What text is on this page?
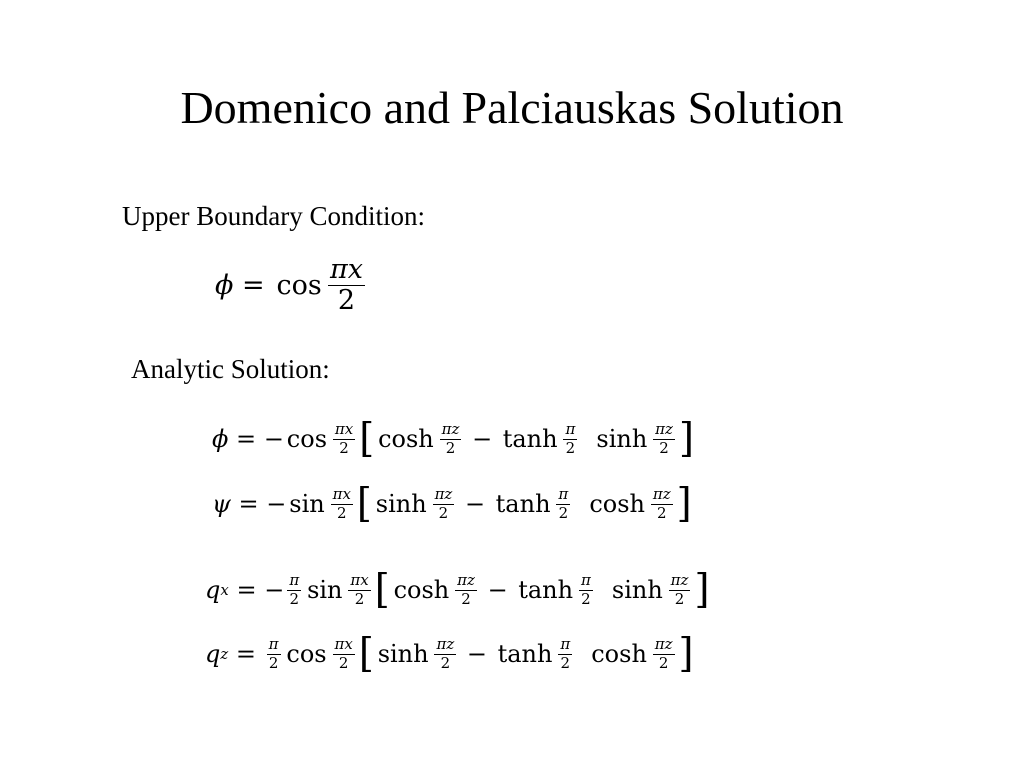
Domenico and Palciauskas Solution
Upper Boundary Condition:
$\phi = \cos \frac{\pi x}{2}$
Analytic Solution:
ϕ = − $\cos \frac{\pi x}{2}$ [ $\cosh \frac{\pi z}{2} - \tanh \frac{\pi}{2}$ $\sinh \frac{\pi z}{2}$ ]
ψ = − $\sin \frac{\pi x}{2}$ [ $\sinh \frac{\pi z}{2} - \tanh \frac{\pi}{2}$ $\cosh \frac{\pi z}{2}$ ]
q x = − $\frac{\pi}{2}$ $\sin \frac{\pi x}{2}$ [ $\cosh \frac{\pi z}{2} - \tanh \frac{\pi}{2}$ $\sinh \frac{\pi z}{2}$ ]
q $z = \frac{\pi}{2}$ $\cos \frac{\pi x}{2}$ [ $\sinh \frac{\pi z}{2} - \tanh \frac{\pi}{2}$ $\cosh \frac{\pi z}{2}$ ]
